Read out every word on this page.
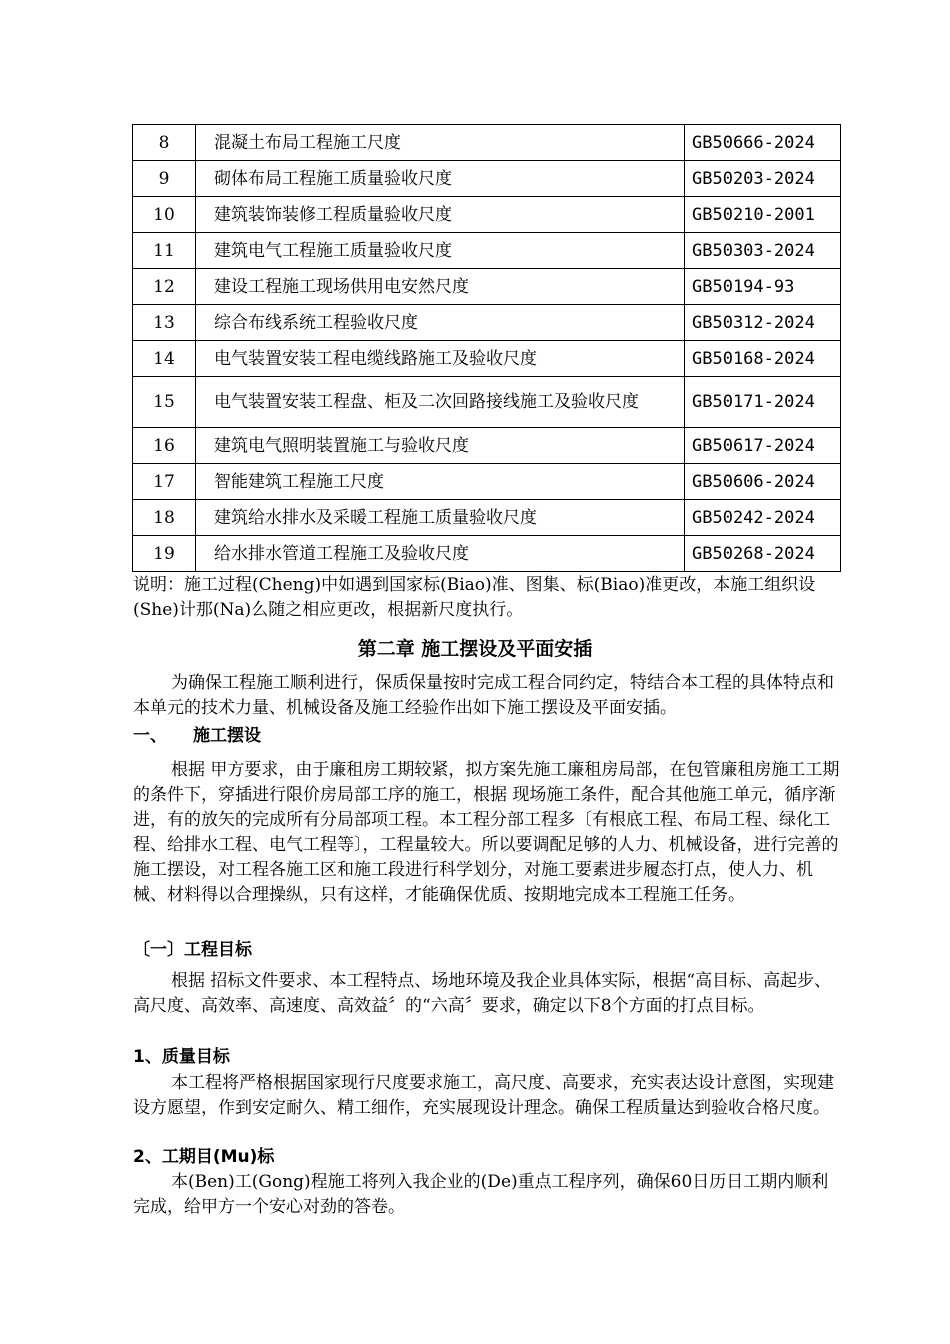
8	混凝土布局工程施工尺度	GB50666-2024
9	砌体布局工程施工质量验收尺度	GB50203-2024
10	建筑装饰装修工程质量验收尺度	GB50210-2001
11	建筑电气工程施工质量验收尺度	GB50303-2024
12	建设工程施工现场供用电安然尺度	GB50194-93
13	综合布线系统工程验收尺度	GB50312-2024
14	电气装置安装工程电缆线路施工及验收尺度	GB50168-2024
15	电气装置安装工程盘、柜及二次回路接线施工及验收尺度	GB50171-2024
16	建筑电气照明装置施工与验收尺度	GB50617-2024
17	智能建筑工程施工尺度	GB50606-2024
18	建筑给水排水及采暖工程施工质量验收尺度	GB50242-2024
19	给水排水管道工程施工及验收尺度	GB50268-2024
说明：施工过程(Cheng)中如遇到国家标(Biao)准、图集、标(Biao)准更改，本施工组织设(She)计那(Na)么随之相应更改，根据新尺度执行。
第二章 施工摆设及平面安插
为确保工程施工顺利进行，保质保量按时完成工程合同约定，特结合本工程的具体特点和本单元的技术力量、机械设备及施工经验作出如下施工摆设及平面安插。
一、 施工摆设
根据 甲方要求，由于廉租房工期较紧，拟方案先施工廉租房局部，在包管廉租房施工工期的条件下，穿插进行限价房局部工序的施工，根据 现场施工条件，配合其他施工单元，循序渐进，有的放矢的完成所有分局部项工程。本工程分部工程多〔有根底工程、布局工程、绿化工程、给排水工程、电气工程等〕，工程量较大。所以要调配足够的人力、机械设备，进行完善的施工摆设，对工程各施工区和施工段进行科学划分，对施工要素进步履态打点，使人力、机械、材料得以合理操纵，只有这样，才能确保优质、按期地完成本工程施工任务。
〔一〕工程目标
根据 招标文件要求、本工程特点、场地环境及我企业具体实际，根据“高目标、高起步、高尺度、高效率、高速度、高效益〞的“六高〞要求，确定以下8个方面的打点目标。
1、质量目标
本工程将严格根据国家现行尺度要求施工，高尺度、高要求，充实表达设计意图，实现建设方愿望，作到安定耐久、精工细作，充实展现设计理念。确保工程质量达到验收合格尺度。
2、工期目(Mu)标
本(Ben)工(Gong)程施工将列入我企业的(De)重点工程序列，确保60日历日工期内顺利完成，给甲方一个安心对劲的答卷。
